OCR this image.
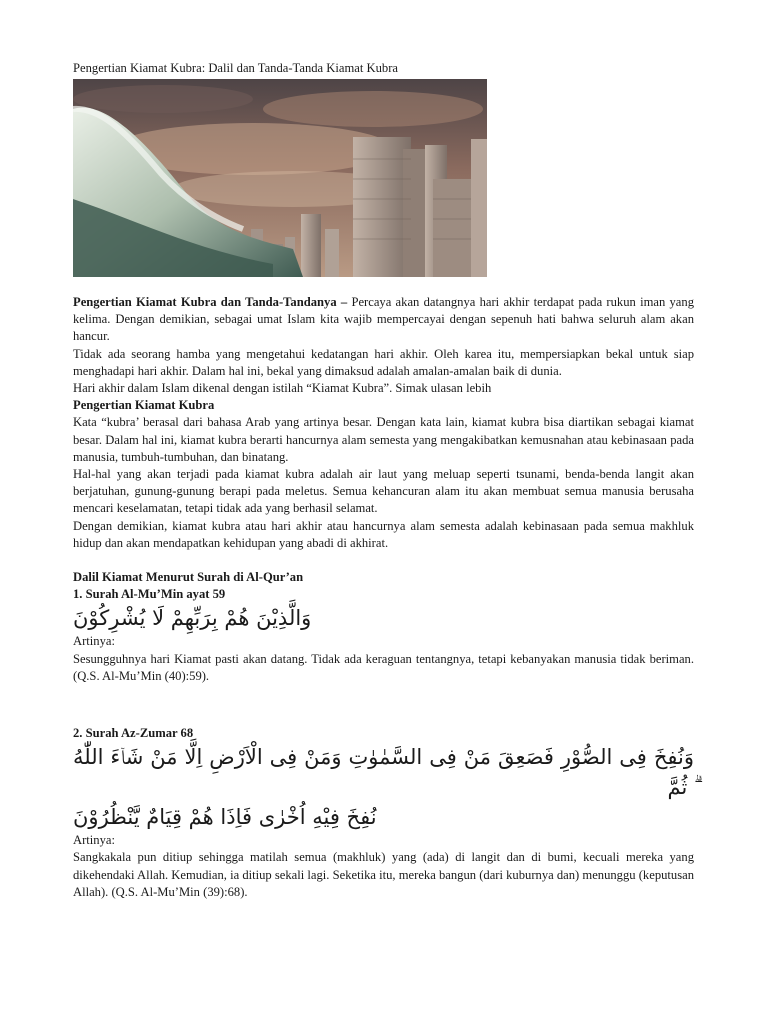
Pengertian Kiamat Kubra: Dalil dan Tanda-Tanda Kiamat Kubra

Pengertian Kiamat Kubra dan Tanda-Tandanya – Percaya akan datangnya hari akhir terdapat pada rukun iman yang kelima. Dengan demikian, sebagai umat Islam kita wajib mempercayai dengan sepenuh hati bahwa seluruh alam akan hancur.

Tidak ada seorang hamba yang mengetahui kedatangan hari akhir. Oleh karea itu, mempersiapkan bekal untuk siap menghadapi hari akhir. Dalam hal ini, bekal yang dimaksud adalah amalan-amalan baik di dunia.

Hari akhir dalam Islam dikenal dengan istilah “Kiamat Kubra”. Simak ulasan lebih

Pengertian Kiamat Kubra

Kata “kubra’ berasal dari bahasa Arab yang artinya besar. Dengan kata lain, kiamat kubra bisa diartikan sebagai kiamat besar. Dalam hal ini, kiamat kubra berarti hancurnya alam semesta yang mengakibatkan kemusnahan atau kebinasaan pada manusia, tumbuh-tumbuhan, dan binatang.

Hal-hal yang akan terjadi pada kiamat kubra adalah air laut yang meluap seperti tsunami, benda-benda langit akan berjatuhan, gunung-gunung berapi pada meletus. Semua kehancuran alam itu akan membuat semua manusia berusaha mencari keselamatan, tetapi tidak ada yang berhasil selamat.

Dengan demikian, kiamat kubra atau hari akhir atau hancurnya alam semesta adalah kebinasaan pada semua makhluk hidup dan akan mendapatkan kehidupan yang abadi di akhirat.

Dalil Kiamat Menurut Surah di Al-Qur’an

1. Surah Al-Mu’Min ayat 59

وَالَّذِيْنَ هُمْ بِرَبِّهِمْ لَا يُشْرِكُوْنَ

Artinya:

Sesungguhnya hari Kiamat pasti akan datang. Tidak ada keraguan tentangnya, tetapi kebanyakan manusia tidak beriman. (Q.S. Al-Mu’Min (40):59).

2. Surah Az-Zumar 68

وَنُفِخَ فِى الصُّوْرِ فَصَعِقَ مَنْ فِى السَّمٰوٰتِ وَمَنْ فِى الْاَرْضِ اِلَّا مَنْ شَاۤءَ اللّٰهُ ۗ ثُمَّ

نُفِخَ فِيْهِ اُخْرٰى فَاِذَا هُمْ قِيَامٌ يَّنْظُرُوْنَ

Artinya:

Sangkakala pun ditiup sehingga matilah semua (makhluk) yang (ada) di langit dan di bumi, kecuali mereka yang dikehendaki Allah. Kemudian, ia ditiup sekali lagi. Seketika itu, mereka bangun (dari kuburnya dan) menunggu (keputusan Allah). (Q.S. Al-Mu’Min (39):68).
